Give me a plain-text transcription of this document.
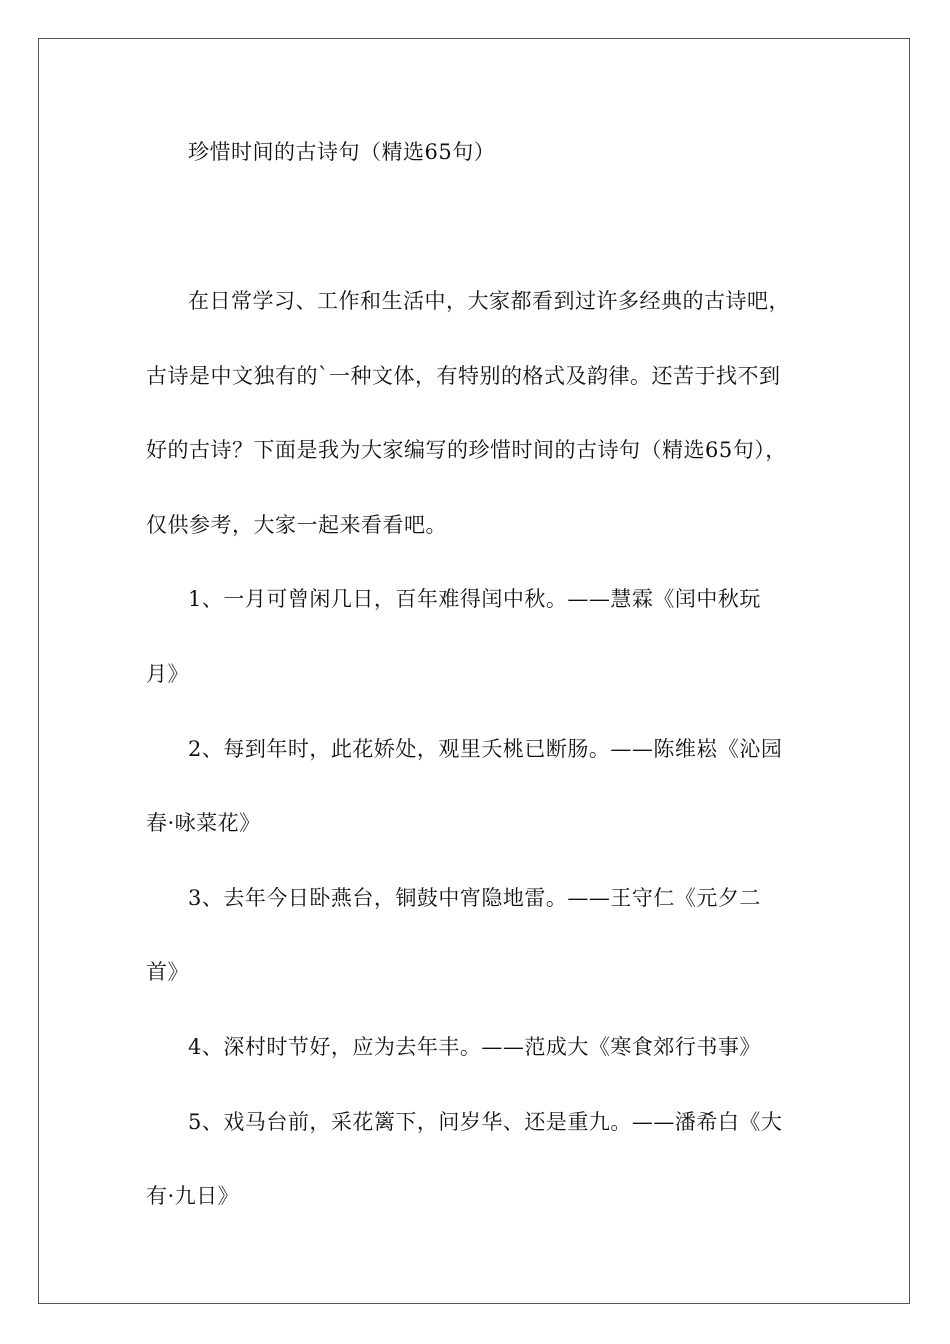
珍惜时间的古诗句（精选65句）
在日常学习、工作和生活中，大家都看到过许多经典的古诗吧，
古诗是中文独有的`一种文体，有特别的格式及韵律。还苦于找不到
好的古诗？下面是我为大家编写的珍惜时间的古诗句（精选65句），
仅供参考，大家一起来看看吧。
1、一月可曾闲几日，百年难得闰中秋。——慧霖《闰中秋玩
月》
2、每到年时，此花娇处，观里夭桃已断肠。——陈维崧《沁园
春·咏菜花》
3、去年今日卧燕台，铜鼓中宵隐地雷。——王守仁《元夕二
首》
4、深村时节好，应为去年丰。——范成大《寒食郊行书事》
5、戏马台前，采花篱下，问岁华、还是重九。——潘希白《大
有·九日》
